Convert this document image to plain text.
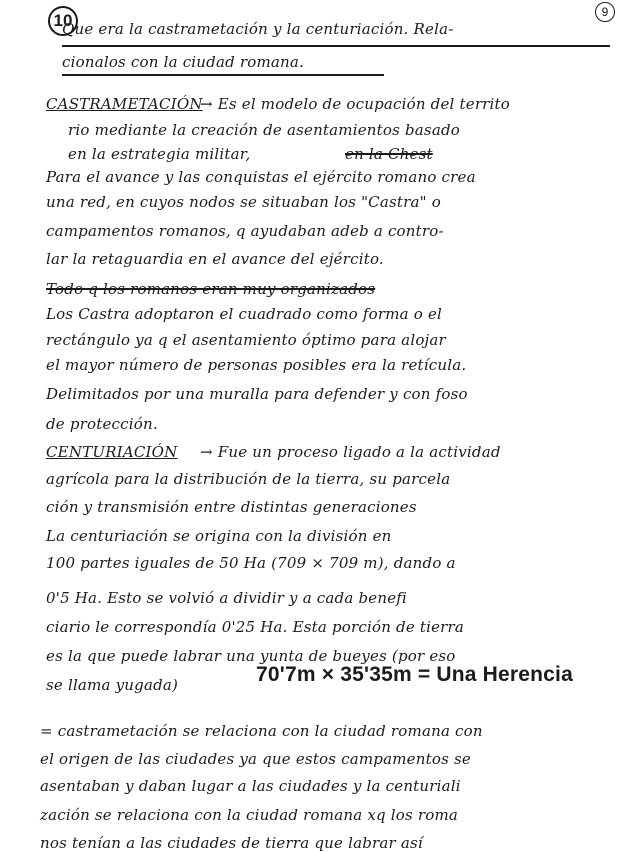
10	9
Que era la castrametación y la centuriación. Rela-
cionalos con la ciudad romana.
CASTRAMETACIÓN
→ Es el modelo de ocupación del territo
rio mediante la creación de asentamientos basado
en la estrategia militar,	en la Chest
Para el avance y las conquistas el ejército romano crea
una red, en cuyos nodos se situaban los "Castra" o
campamentos romanos, q ayudaban adeb a contro-
lar la retaguardia en el avance del ejército.
Todo q los romanos eran muy organizados
Los Castra adoptaron el cuadrado como forma o el
rectángulo ya q el asentamiento óptimo para alojar
el mayor número de personas posibles era la retícula.
Delimitados por una muralla para defender y con foso
de protección.
CENTURIACIÓN → Fue un proceso ligado a la actividad
agrícola para la distribución de la tierra, su parcela
ción y transmisión entre distintas generaciones
La centuriación se origina con la división en
100 partes iguales de 50 Ha (709 × 709 m), dando a
0'5 Ha. Esto se volvió a dividir y a cada benefi
ciario le correspondía 0'25 Ha. Esta porción de tierra
es la que puede labrar una yunta de bueyes (por eso
se llama yugada)	70'7m × 35'35m = Una Herencia
= castrametación se relaciona con la ciudad romana con
el origen de las ciudades ya que estos campamentos se
asentaban y daban lugar a las ciudades y la centuriali
zación se relaciona con la ciudad romana xq los roma
nos tenían a las ciudades de tierra que labrar así
